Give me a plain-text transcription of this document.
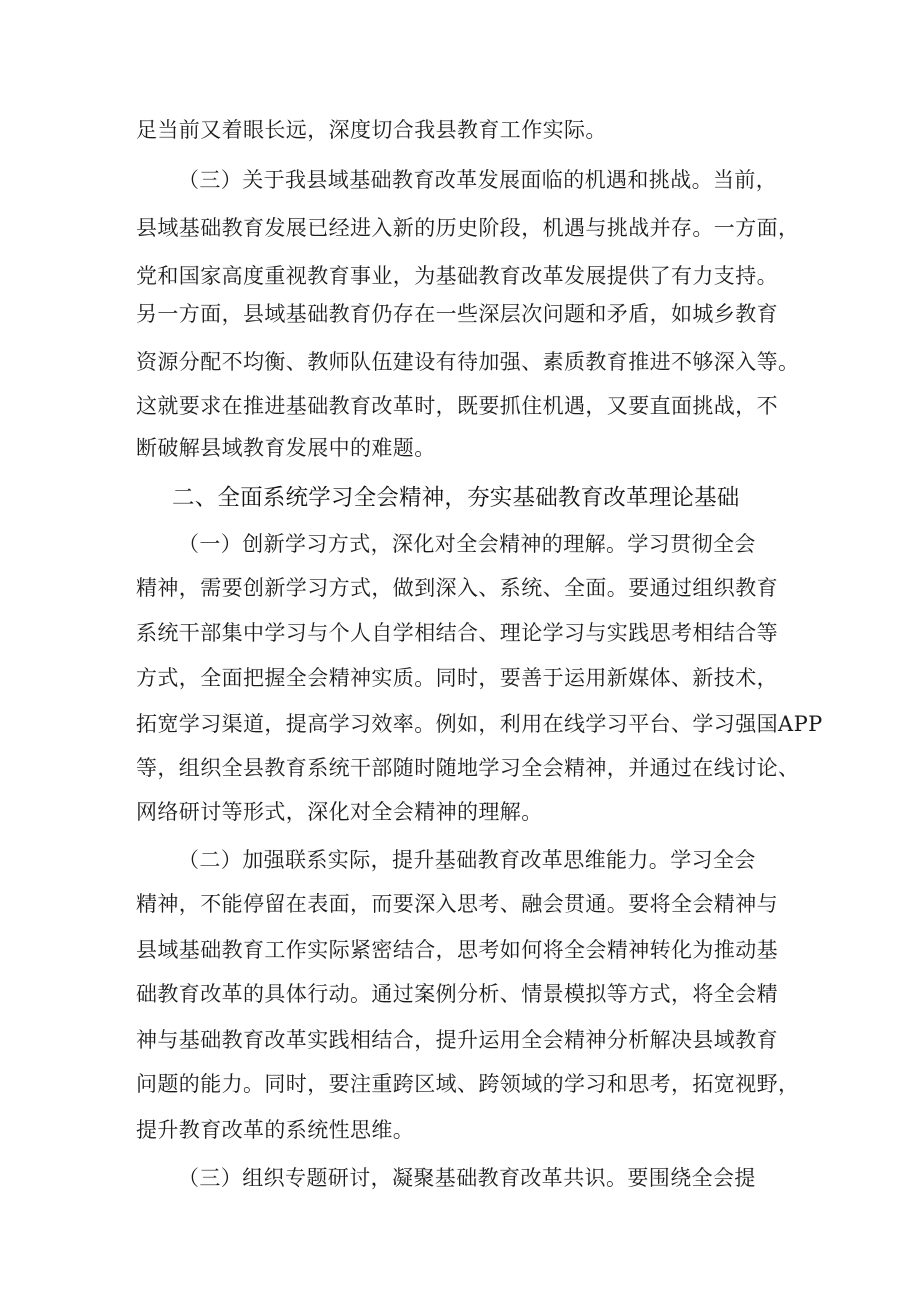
足当前又着眼长远，深度切合我县教育工作实际。
（三）关于我县域基础教育改革发展面临的机遇和挑战。当前，
县域基础教育发展已经进入新的历史阶段，机遇与挑战并存。一方面，
党和国家高度重视教育事业，为基础教育改革发展提供了有力支持。
另一方面，县域基础教育仍存在一些深层次问题和矛盾，如城乡教育
资源分配不均衡、教师队伍建设有待加强、素质教育推进不够深入等。
这就要求在推进基础教育改革时，既要抓住机遇，又要直面挑战，不
断破解县域教育发展中的难题。
二、全面系统学习全会精神，夯实基础教育改革理论基础
（一）创新学习方式，深化对全会精神的理解。学习贯彻全会
精神，需要创新学习方式，做到深入、系统、全面。要通过组织教育
系统干部集中学习与个人自学相结合、理论学习与实践思考相结合等
方式，全面把握全会精神实质。同时，要善于运用新媒体、新技术，
拓宽学习渠道，提高学习效率。例如，利用在线学习平台、学习强国APP
等，组织全县教育系统干部随时随地学习全会精神，并通过在线讨论、
网络研讨等形式，深化对全会精神的理解。
（二）加强联系实际，提升基础教育改革思维能力。学习全会
精神，不能停留在表面，而要深入思考、融会贯通。要将全会精神与
县域基础教育工作实际紧密结合，思考如何将全会精神转化为推动基
础教育改革的具体行动。通过案例分析、情景模拟等方式，将全会精
神与基础教育改革实践相结合，提升运用全会精神分析解决县域教育
问题的能力。同时，要注重跨区域、跨领域的学习和思考，拓宽视野，
提升教育改革的系统性思维。
（三）组织专题研讨，凝聚基础教育改革共识。要围绕全会提
